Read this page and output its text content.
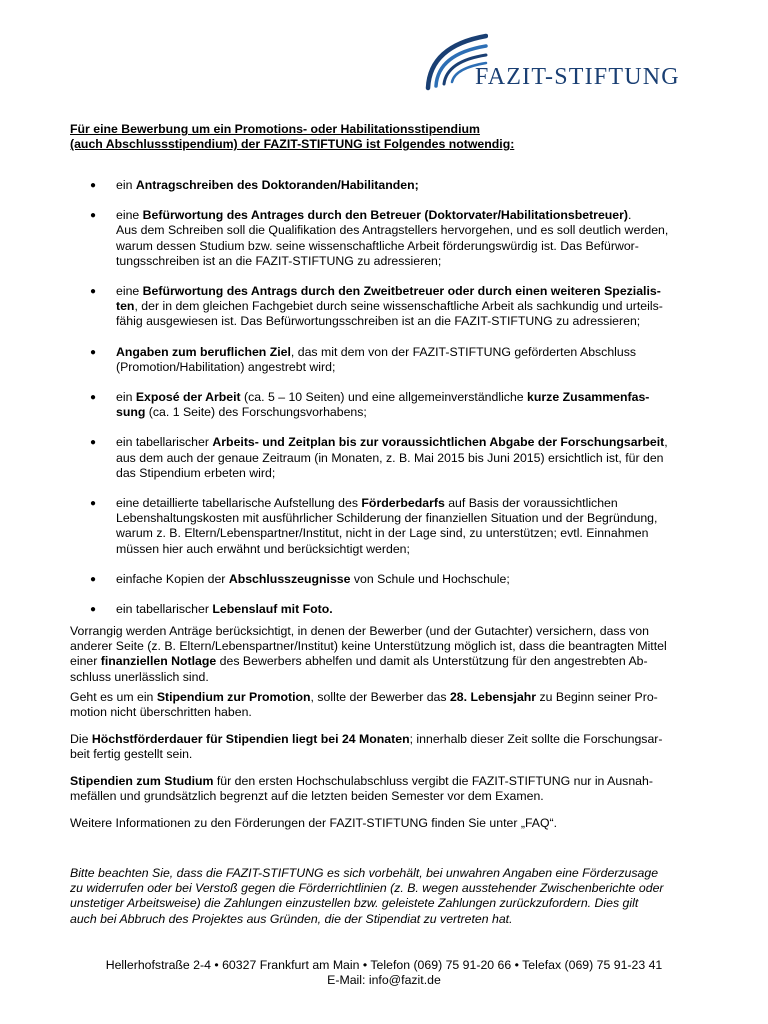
FAZIT-STIFTUNG
Für eine Bewerbung um ein Promotions- oder Habilitationsstipendium
(auch Abschlussstipendium) der FAZIT-STIFTUNG ist Folgendes notwendig:
● ein Antragschreiben des Doktoranden/Habilitanden;
● eine Befürwortung des Antrages durch den Betreuer (Doktorvater/Habilitationsbetreuer).
Aus dem Schreiben soll die Qualifikation des Antragstellers hervorgehen, und es soll deutlich werden,
warum dessen Studium bzw. seine wissenschaftliche Arbeit förderungswürdig ist. Das Befürwor-
tungsschreiben ist an die FAZIT-STIFTUNG zu adressieren;
● eine Befürwortung des Antrags durch den Zweitbetreuer oder durch einen weiteren Spezialis-
ten, der in dem gleichen Fachgebiet durch seine wissenschaftliche Arbeit als sachkundig und urteils-
fähig ausgewiesen ist. Das Befürwortungsschreiben ist an die FAZIT-STIFTUNG zu adressieren;
● Angaben zum beruflichen Ziel, das mit dem von der FAZIT-STIFTUNG geförderten Abschluss
(Promotion/Habilitation) angestrebt wird;
● ein Exposé der Arbeit (ca. 5 – 10 Seiten) und eine allgemeinverständliche kurze Zusammenfas-
sung (ca. 1 Seite) des Forschungsvorhabens;
● ein tabellarischer Arbeits- und Zeitplan bis zur voraussichtlichen Abgabe der Forschungsarbeit,
aus dem auch der genaue Zeitraum (in Monaten, z. B. Mai 2015 bis Juni 2015) ersichtlich ist, für den
das Stipendium erbeten wird;
● eine detaillierte tabellarische Aufstellung des Förderbedarfs auf Basis der voraussichtlichen
Lebenshaltungskosten mit ausführlicher Schilderung der finanziellen Situation und der Begründung,
warum z. B. Eltern/Lebenspartner/Institut, nicht in der Lage sind, zu unterstützen; evtl. Einnahmen
müssen hier auch erwähnt und berücksichtigt werden;
● einfache Kopien der Abschlusszeugnisse von Schule und Hochschule;
● ein tabellarischer Lebenslauf mit Foto.
Vorrangig werden Anträge berücksichtigt, in denen der Bewerber (und der Gutachter) versichern, dass von
anderer Seite (z. B. Eltern/Lebenspartner/Institut) keine Unterstützung möglich ist, dass die beantragten Mittel
einer finanziellen Notlage des Bewerbers abhelfen und damit als Unterstützung für den angestrebten Ab-
schluss unerlässlich sind.
Geht es um ein Stipendium zur Promotion, sollte der Bewerber das 28. Lebensjahr zu Beginn seiner Pro-
motion nicht überschritten haben.
Die Höchstförderdauer für Stipendien liegt bei 24 Monaten; innerhalb dieser Zeit sollte die Forschungsar-
beit fertig gestellt sein.
Stipendien zum Studium für den ersten Hochschulabschluss vergibt die FAZIT-STIFTUNG nur in Ausnah-
mefällen und grundsätzlich begrenzt auf die letzten beiden Semester vor dem Examen.
Weitere Informationen zu den Förderungen der FAZIT-STIFTUNG finden Sie unter „FAQ“.
Bitte beachten Sie, dass die FAZIT-STIFTUNG es sich vorbehält, bei unwahren Angaben eine Förderzusage
zu widerrufen oder bei Verstoß gegen die Förderrichtlinien (z. B. wegen ausstehender Zwischenberichte oder
unstetiger Arbeitsweise) die Zahlungen einzustellen bzw. geleistete Zahlungen zurückzufordern. Dies gilt
auch bei Abbruch des Projektes aus Gründen, die der Stipendiat zu vertreten hat.
Hellerhofstraße 2-4 • 60327 Frankfurt am Main • Telefon (069) 75 91-20 66 • Telefax (069) 75 91-23 41
E-Mail: info@fazit.de
